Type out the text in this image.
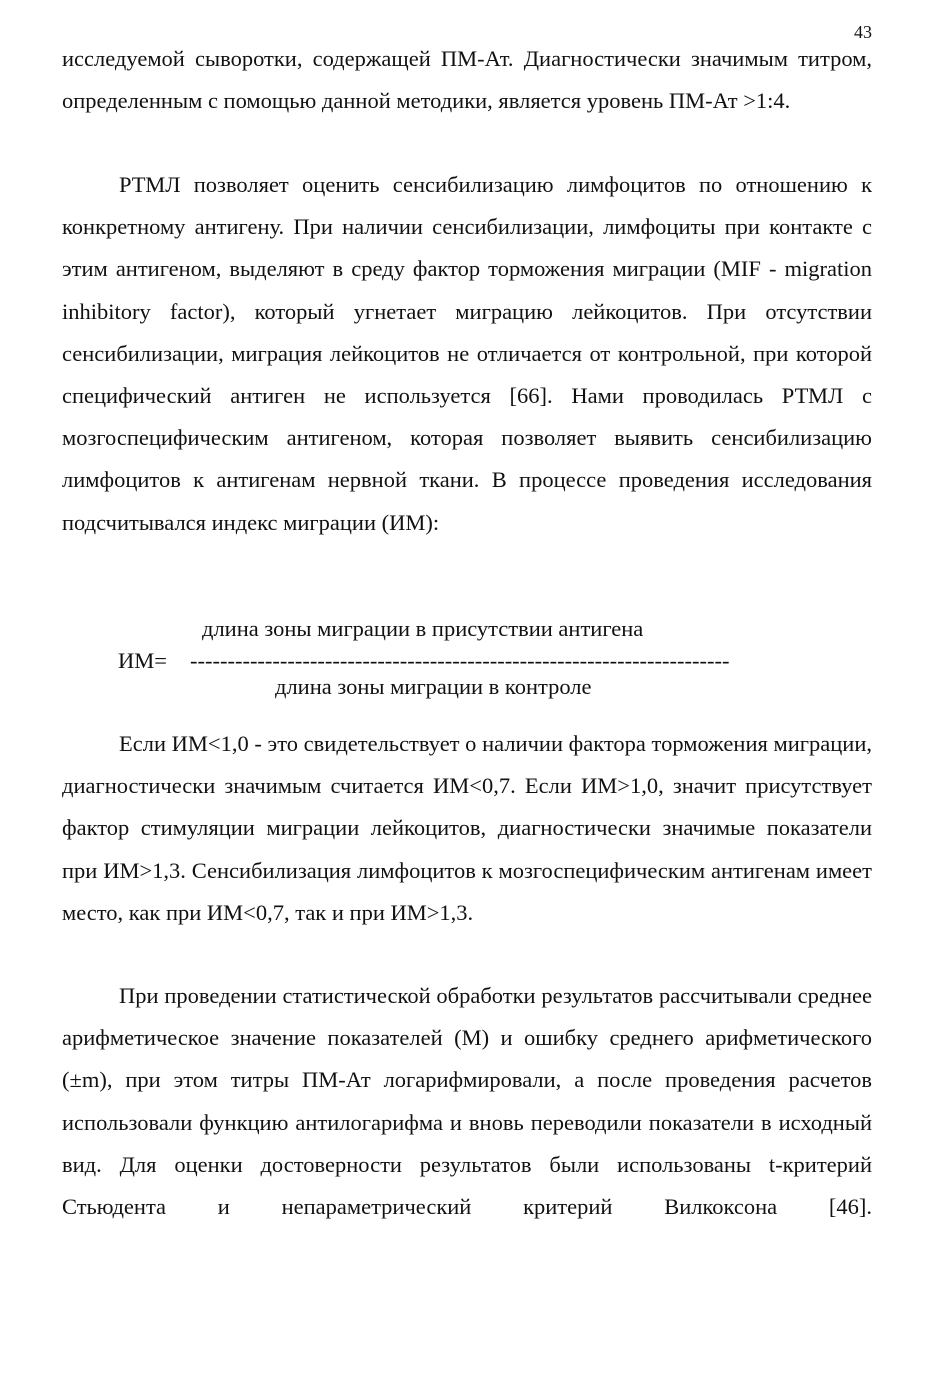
43

исследуемой сыворотки, содержащей ПМ-Ат. Диагностически значимым титром, определенным с помощью данной методики, является уровень ПМ-Ат >1:4.

РТМЛ позволяет оценить сенсибилизацию лимфоцитов по отношению к конкретному антигену. При наличии сенсибилизации, лимфоциты при контакте с этим антигеном, выделяют в среду фактор торможения миграции (MIF - migration inhibitory factor), который угнетает миграцию лейкоцитов. При отсутствии сенсибилизации, миграция лейкоцитов не отличается от контрольной, при которой специфический антиген не используется [66]. Нами проводилась РТМЛ с мозгоспецифическим антигеном, которая позволяет выявить сенсибилизацию лимфоцитов к антигенам нервной ткани. В процессе проведения исследования подсчитывался индекс миграции (ИМ):

длина зоны миграции в присутствии антигена
ИМ= ------------------------------------------------------------------------
длина зоны миграции в контроле

Если ИМ<1,0 - это свидетельствует о наличии фактора торможения миграции, диагностически значимым считается ИМ<0,7. Если ИМ>1,0, значит присутствует фактор стимуляции миграции лейкоцитов, диагностически значимые показатели при ИМ>1,3. Сенсибилизация лимфоцитов к мозгоспецифическим антигенам имеет место, как при ИМ<0,7, так и при ИМ>1,3.

При проведении статистической обработки результатов рассчитывали среднее арифметическое значение показателей (М) и ошибку среднего арифметического (±m), при этом титры ПМ-Ат логарифмировали, а после проведения расчетов использовали функцию антилогарифма и вновь переводили показатели в исходный вид. Для оценки достоверности результатов были использованы t-критерий Стьюдента и непараметрический критерий Вилкоксона [46].
